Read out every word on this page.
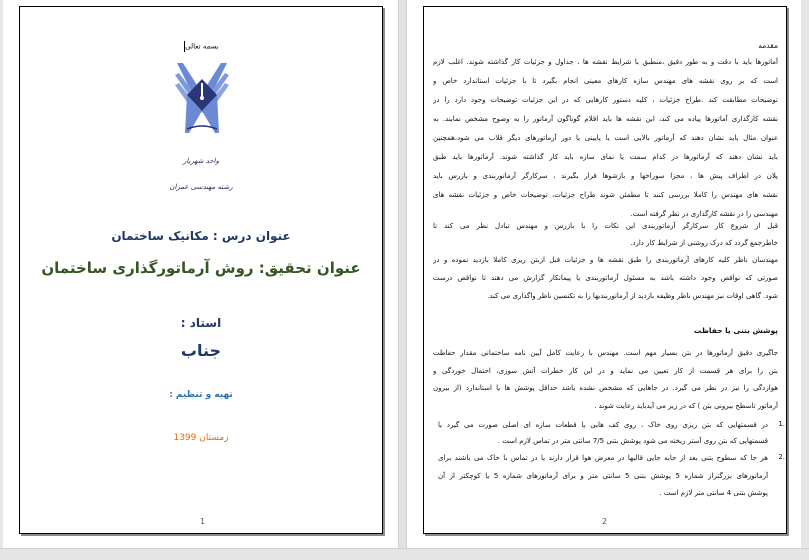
بسمه تعالی
واحد شهریار
رشته مهندسی عمران
عنوان درس : مکانیک ساختمان
عنوان تحقیق: روش آرماتورگذاری ساختمان
استاد :
جناب
تهیه و تنظیم :
زمستان 1399
1
مقدمه
آماتورها باید با دقت و به طور دقیق ،منطبق با شرایط نقشه ها ، جداول و جزئیات کار گذاشته شوند. اغلب لازم
است که بر روی نقشه های مهندس سازه کارهای معینی انجام بگیرد تا با جزئیات استاندارد خاص و
توضیحات مطابقت کند .طراح جزئیات ، کلیه دستور کارهایی که در این جزئیات توضیحات وجود دارد را در
نقشه کارگذاری آماتورها پیاده می کند، این نقشه ها باید اقلام گوناگون آرماتور را به وضوح مشخص نمایند. به
عنوان مثال باید نشان دهند که آرماتور بالایی است یا پایینی یا دور آرماتورهای دیگر قلاب می شود،همچنین
باید نشان دهند که آرماتورها در کدام سمت یا نمای سازه باید کار گذاشته شوند. آرماتورها باید طبق
پلان در اطراف پیش ها ، مجزا سوراخها و بازشوها قرار بگیرند ، سرکارگر آرماتوربندی و بازرس باید
نقشه های مهندس را کاملا بررسی کنند تا مطمئن شوند طراح جزئیات، توضیحات خاص و جزئیات نقشه های
مهندسی را در نقشه کارگذاری در نظر گرفته است.
قبل از شروع کار سرکارگر آرماتوربندی این نکات را با بازرس و مهندس تبادل نظر می کند تا
خاطرجمع گردد که درک روشنی از شرایط کار دارد.
مهندسان ناظر کلیه کارهای آرماتوربندی را طبق نقشه ها و جزئیات قبل ازبتن ریزی کاملا بازدید نموده و در
صورتی که نواقص وجود داشته باشد به مسئول آرماتوربندی یا پیمانکار گزارش می دهند تا نواقص درست
شود. گاهی اوقات نیز مهندس ناظر وظیفه بازدید از آرماتوربندیها را به تکنسین ناظر واگذاری می کند.
پوشش بتنی یا حفاظت
جاگیری دقیق آرماتورها در بتن بسیار مهم است. مهندس با رعایت کامل آیین نامه ساختمانی مقدار حفاظت
بتن را برای هر قسمت از کار تعیین می نماید و در این کار خطرات آتش سوزی، احتمال خوردگی و
هوازدگی را نیز در نظر می گیرد. در جاهایی که مشخص نشده باشد حداقل پوشش ها یا استاندارد (از بیرون
آرماتور تاسطح بیرونی بتن ) که در زیر می آیدباید رعایت شوند .
1.
در قسمتهایی که بتن ریزی روی خاک ، روی کف هایی یا قطعات سازه ای اصلی صورت می گیرد یا
قسمتهایی که بتن روی آستر ریخته می شود پوشش بتنی 7/5 سانتی متر در تماس لازم است .
2.
هر جا که سطوح بتنی بعد از جابه جایی قالبها در معرض هوا قرار دارند یا در تماس با خاک می باشند برای
آرماتورهای بزرگتراز شماره 5 پوشش بتنی 5 سانتی متر و برای آرماتورهای شماره 5 یا کوچکتر از آن
پوشش بتنی 4 سانتی متر لازم است .
2
